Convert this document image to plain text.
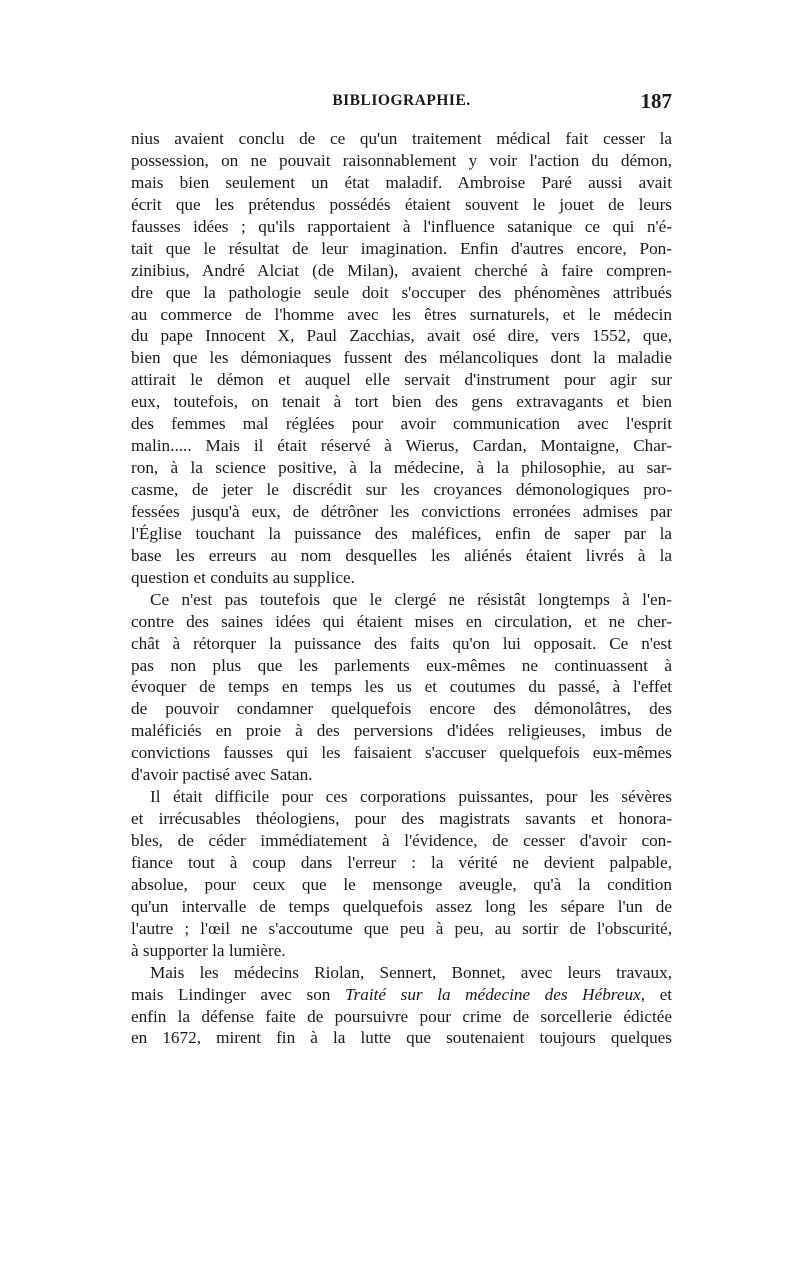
BIBLIOGRAPHIE.	187
nius avaient conclu de ce qu'un traitement médical fait cesser la
possession, on ne pouvait raisonnablement y voir l'action du démon,
mais bien seulement un état maladif. Ambroise Paré aussi avait
écrit que les prétendus possédés étaient souvent le jouet de leurs
fausses idées ; qu'ils rapportaient à l'influence satanique ce qui n'é-
tait que le résultat de leur imagination. Enfin d'autres encore, Pon-
zinibius, André Alciat (de Milan), avaient cherché à faire compren-
dre que la pathologie seule doit s'occuper des phénomènes attribués
au commerce de l'homme avec les êtres surnaturels, et le médecin
du pape Innocent X, Paul Zacchias, avait osé dire, vers 1552, que,
bien que les démoniaques fussent des mélancoliques dont la maladie
attirait le démon et auquel elle servait d'instrument pour agir sur
eux, toutefois, on tenait à tort bien des gens extravagants et bien
des femmes mal réglées pour avoir communication avec l'esprit
malin..... Mais il était réservé à Wierus, Cardan, Montaigne, Char-
ron, à la science positive, à la médecine, à la philosophie, au sar-
casme, de jeter le discrédit sur les croyances démonologiques pro-
fessées jusqu'à eux, de détrôner les convictions erronées admises par
l'Église touchant la puissance des maléfices, enfin de saper par la
base les erreurs au nom desquelles les aliénés étaient livrés à la
question et conduits au supplice.
Ce n'est pas toutefois que le clergé ne résistât longtemps à l'en-
contre des saines idées qui étaient mises en circulation, et ne cher-
chât à rétorquer la puissance des faits qu'on lui opposait. Ce n'est
pas non plus que les parlements eux-mêmes ne continuassent à
évoquer de temps en temps les us et coutumes du passé, à l'effet
de pouvoir condamner quelquefois encore des démonolâtres, des
maléficiés en proie à des perversions d'idées religieuses, imbus de
convictions fausses qui les faisaient s'accuser quelquefois eux-mêmes
d'avoir pactisé avec Satan.
Il était difficile pour ces corporations puissantes, pour les sévères
et irrécusables théologiens, pour des magistrats savants et honora-
bles, de céder immédiatement à l'évidence, de cesser d'avoir con-
fiance tout à coup dans l'erreur : la vérité ne devient palpable,
absolue, pour ceux que le mensonge aveugle, qu'à la condition
qu'un intervalle de temps quelquefois assez long les sépare l'un de
l'autre ; l'œil ne s'accoutume que peu à peu, au sortir de l'obscurité,
à supporter la lumière.
Mais les médecins Riolan, Sennert, Bonnet, avec leurs travaux,
mais Lindinger avec son Traité sur la médecine des Hébreux, et
enfin la défense faite de poursuivre pour crime de sorcellerie édictée
en 1672, mirent fin à la lutte que soutenaient toujours quelques
